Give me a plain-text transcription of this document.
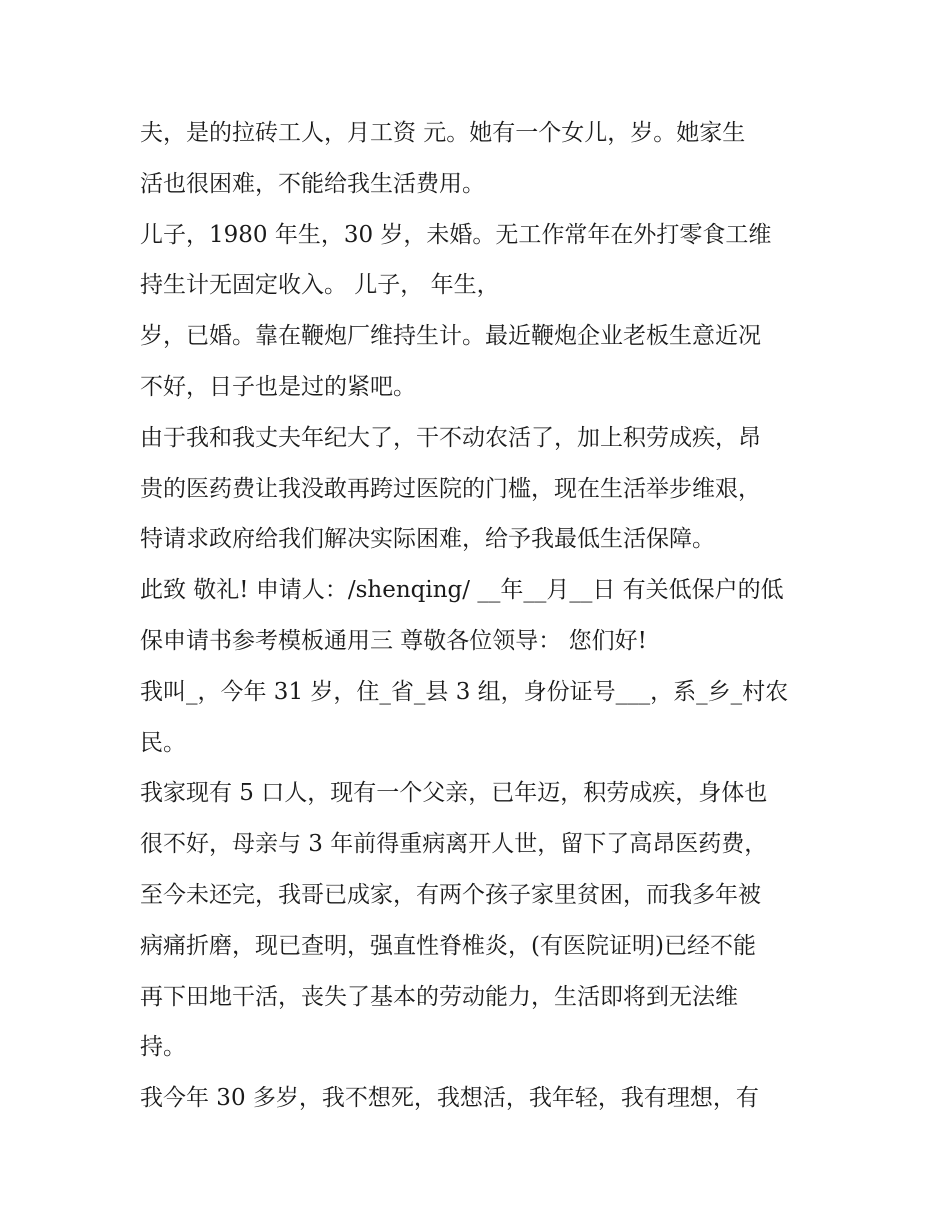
夫，是的拉砖工人，月工资 元。她有一个女儿，岁。她家生
活也很困难，不能给我生活费用。
儿子，1980 年生，30 岁，未婚。无工作常年在外打零食工维
持生计无固定收入。 儿子， 年生，
岁，已婚。靠在鞭炮厂维持生计。最近鞭炮企业老板生意近况
不好，日子也是过的紧吧。
由于我和我丈夫年纪大了，干不动农活了，加上积劳成疾，昂
贵的医药费让我没敢再跨过医院的门槛，现在生活举步维艰，
特请求政府给我们解决实际困难，给予我最低生活保障。
此致 敬礼! 申请人：/shenqing/ __年__月__日 有关低保户的低
保申请书参考模板通用三 尊敬各位领导： 您们好!
我叫_，今年 31 岁，住_省_县 3 组，身份证号___，系_乡_村农
民。
我家现有 5 口人，现有一个父亲，已年迈，积劳成疾，身体也
很不好，母亲与 3 年前得重病离开人世，留下了高昂医药费，
至今未还完，我哥已成家，有两个孩子家里贫困，而我多年被
病痛折磨，现已查明，强直性脊椎炎，(有医院证明)已经不能
再下田地干活，丧失了基本的劳动能力，生活即将到无法维
持。
我今年 30 多岁，我不想死，我想活，我年轻，我有理想，有
